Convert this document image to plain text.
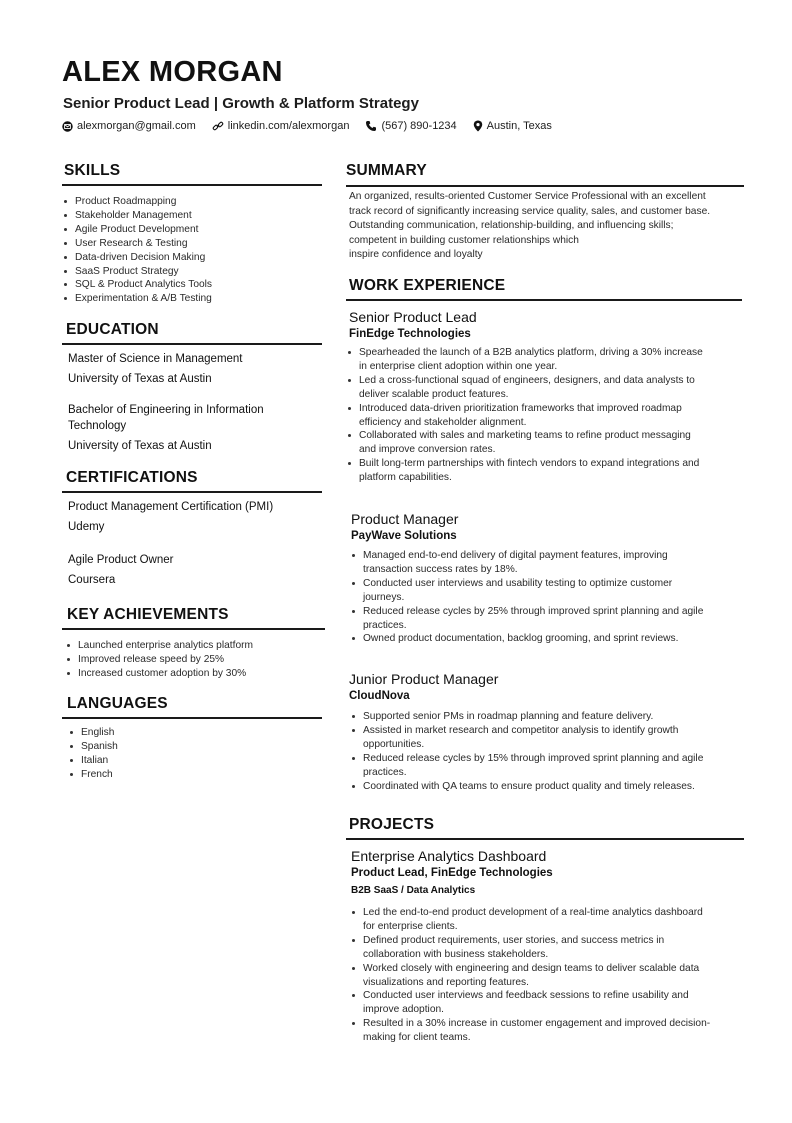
ALEX MORGAN
Senior Product Lead | Growth & Platform Strategy
alexmorgan@gmail.com	linkedin.com/alexmorgan	(567) 890-1234	Austin, Texas
SKILLS
Product Roadmapping
Stakeholder Management
Agile Product Development
User Research & Testing
Data-driven Decision Making
SaaS Product Strategy
SQL & Product Analytics Tools
Experimentation & A/B Testing
EDUCATION
Master of Science in Management
University of Texas at Austin
Bachelor of Engineering in Information Technology
University of Texas at Austin
CERTIFICATIONS
Product Management Certification (PMI)
Udemy
Agile Product Owner
Coursera
KEY ACHIEVEMENTS
Launched enterprise analytics platform
Improved release speed by 25%
Increased customer adoption by 30%
LANGUAGES
English
Spanish
Italian
French
SUMMARY
An organized, results-oriented Customer Service Professional with an excellent
track record of significantly increasing service quality, sales, and customer base.
Outstanding communication, relationship-building, and influencing skills;
competent in building customer relationships which
inspire confidence and loyalty
WORK EXPERIENCE
Senior Product Lead
FinEdge Technologies
Spearheaded the launch of a B2B analytics platform, driving a 30% increase
in enterprise client adoption within one year.
Led a cross-functional squad of engineers, designers, and data analysts to
deliver scalable product features.
Introduced data-driven prioritization frameworks that improved roadmap
efficiency and stakeholder alignment.
Collaborated with sales and marketing teams to refine product messaging
and improve conversion rates.
Built long-term partnerships with fintech vendors to expand integrations and
platform capabilities.
Product Manager
PayWave Solutions
Managed end-to-end delivery of digital payment features, improving
transaction success rates by 18%.
Conducted user interviews and usability testing to optimize customer
journeys.
Reduced release cycles by 25% through improved sprint planning and agile
practices.
Owned product documentation, backlog grooming, and sprint reviews.
Junior Product Manager
CloudNova
Supported senior PMs in roadmap planning and feature delivery.
Assisted in market research and competitor analysis to identify growth
opportunities.
Reduced release cycles by 15% through improved sprint planning and agile
practices.
Coordinated with QA teams to ensure product quality and timely releases.
PROJECTS
Enterprise Analytics Dashboard
Product Lead, FinEdge Technologies
B2B SaaS / Data Analytics
Led the end-to-end product development of a real-time analytics dashboard
for enterprise clients.
Defined product requirements, user stories, and success metrics in
collaboration with business stakeholders.
Worked closely with engineering and design teams to deliver scalable data
visualizations and reporting features.
Conducted user interviews and feedback sessions to refine usability and
improve adoption.
Resulted in a 30% increase in customer engagement and improved decision-
making for client teams.
